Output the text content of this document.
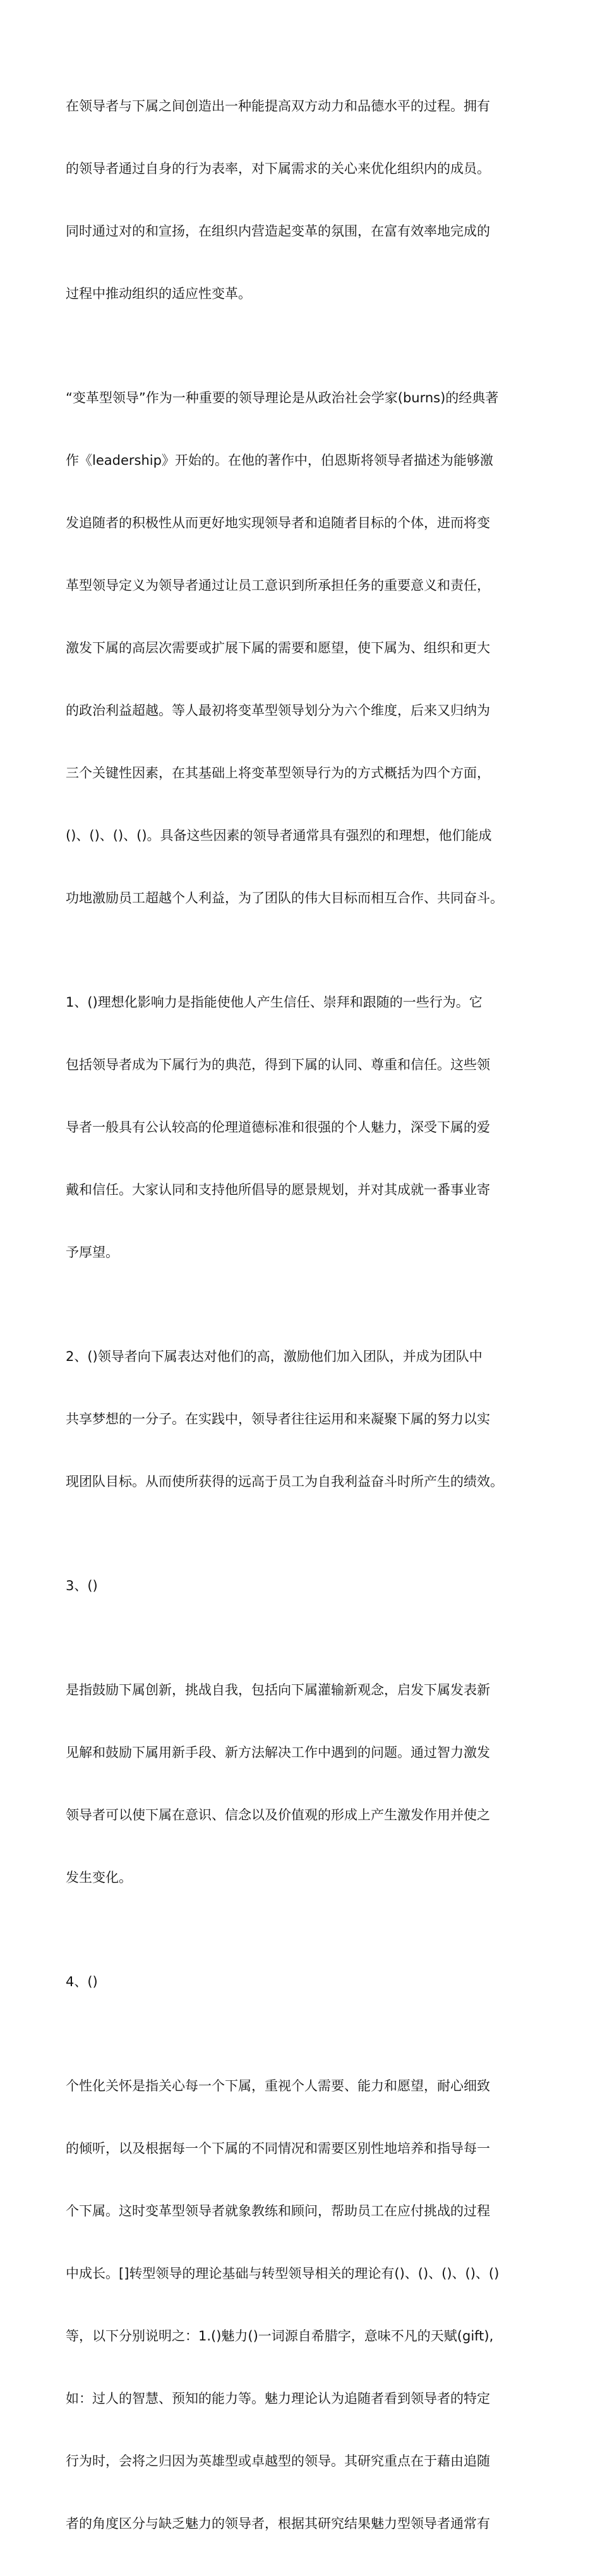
在领导者与下属之间创造出一种能提高双方动力和品德水平的过程。拥有

的领导者通过自身的行为表率，对下属需求的关心来优化组织内的成员。

同时通过对的和宣扬，在组织内营造起变革的氛围，在富有效率地完成的

过程中推动组织的适应性变革。

“变革型领导”作为一种重要的领导理论是从政治社会学家(burns)的经典著

作《leadership》开始的。在他的著作中，伯恩斯将领导者描述为能够激

发追随者的积极性从而更好地实现领导者和追随者目标的个体，进而将变

革型领导定义为领导者通过让员工意识到所承担任务的重要意义和责任，

激发下属的高层次需要或扩展下属的需要和愿望，使下属为、组织和更大

的政治利益超越。等人最初将变革型领导划分为六个维度，后来又归纳为

三个关键性因素，在其基础上将变革型领导行为的方式概括为四个方面，

()、()、()、()。具备这些因素的领导者通常具有强烈的和理想，他们能成

功地激励员工超越个人利益，为了团队的伟大目标而相互合作、共同奋斗。

1、()理想化影响力是指能使他人产生信任、崇拜和跟随的一些行为。它

包括领导者成为下属行为的典范，得到下属的认同、尊重和信任。这些领

导者一般具有公认较高的伦理道德标准和很强的个人魅力，深受下属的爱

戴和信任。大家认同和支持他所倡导的愿景规划，并对其成就一番事业寄

予厚望。

2、()领导者向下属表达对他们的高，激励他们加入团队，并成为团队中

共享梦想的一分子。在实践中，领导者往往运用和来凝聚下属的努力以实

现团队目标。从而使所获得的远高于员工为自我利益奋斗时所产生的绩效。

3、()

是指鼓励下属创新，挑战自我，包括向下属灌输新观念，启发下属发表新

见解和鼓励下属用新手段、新方法解决工作中遇到的问题。通过智力激发

领导者可以使下属在意识、信念以及价值观的形成上产生激发作用并使之

发生变化。

4、()

个性化关怀是指关心每一个下属，重视个人需要、能力和愿望，耐心细致

的倾听，以及根据每一个下属的不同情况和需要区别性地培养和指导每一

个下属。这时变革型领导者就象教练和顾问，帮助员工在应付挑战的过程

中成长。[]转型领导的理论基础与转型领导相关的理论有()、()、()、()、()

等，以下分别说明之：1.()魅力()一词源自希腊字，意味不凡的天赋(gift),

如：过人的智慧、预知的能力等。魅力理论认为追随者看到领导者的特定

行为时，会将之归因为英雄型或卓越型的领导。其研究重点在于藉由追随

者的角度区分与缺乏魅力的领导者，根据其研究结果魅力型领导者通常有
